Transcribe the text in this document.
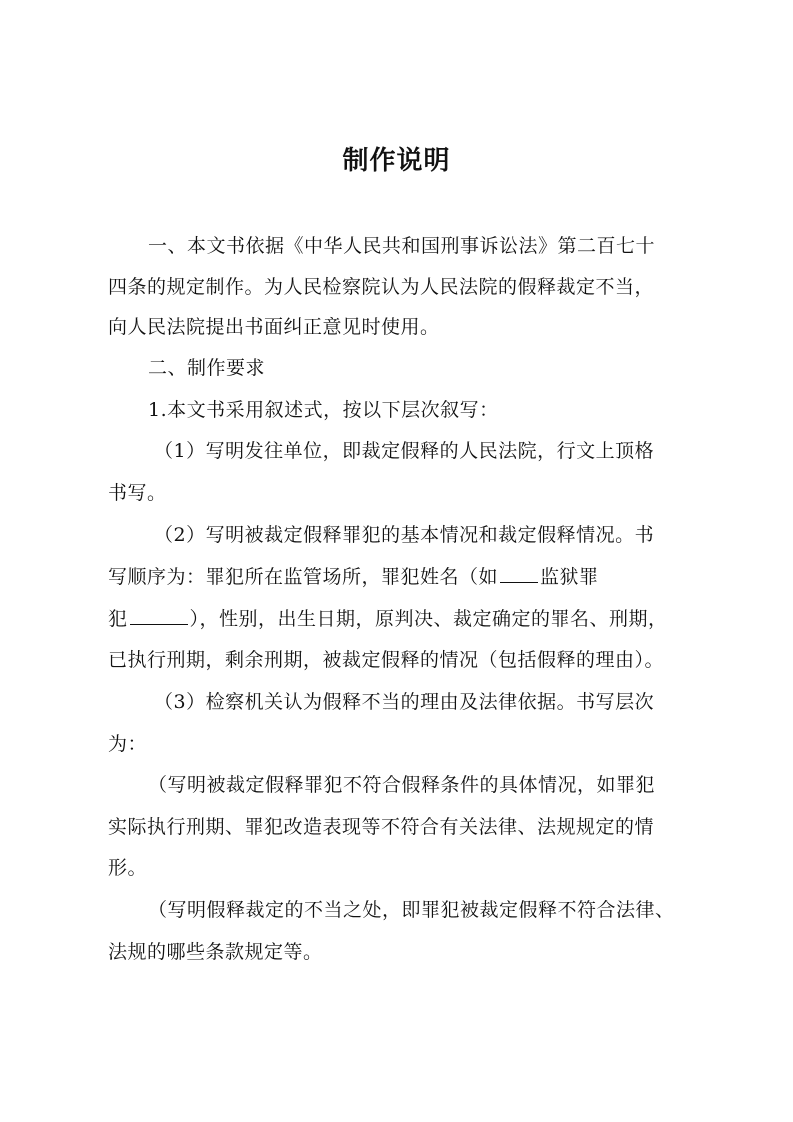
制作说明
一、本文书依据《中华人民共和国刑事诉讼法》第二百七十
四条的规定制作。为人民检察院认为人民法院的假释裁定不当，
向人民法院提出书面纠正意见时使用。
二、制作要求
1.本文书采用叙述式，按以下层次叙写：
（1）写明发往单位，即裁定假释的人民法院，行文上顶格
书写。
（2）写明被裁定假释罪犯的基本情况和裁定假释情况。书
写顺序为：罪犯所在监管场所，罪犯姓名（如 监狱罪
犯	），性别，出生日期，原判决、裁定确定的罪名、刑期，
已执行刑期，剩余刑期，被裁定假释的情况（包括假释的理由）。
（3）检察机关认为假释不当的理由及法律依据。书写层次
为：
（写明被裁定假释罪犯不符合假释条件的具体情况，如罪犯
实际执行刑期、罪犯改造表现等不符合有关法律、法规规定的情
形。
（写明假释裁定的不当之处，即罪犯被裁定假释不符合法律、
法规的哪些条款规定等。
